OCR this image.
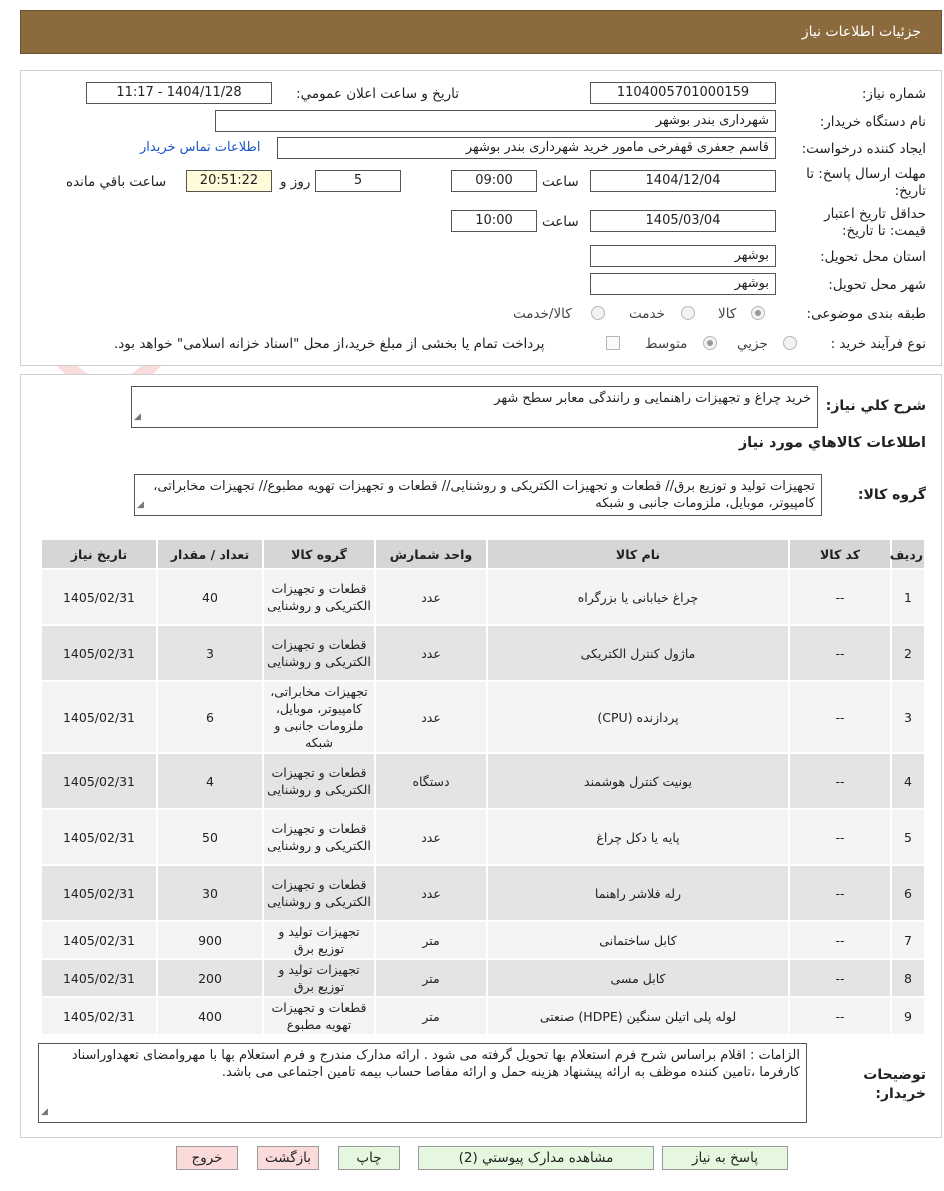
جزئیات اطلاعات نیاز
شماره نیاز:
1104005701000159
تاریخ و ساعت اعلان عمومي:
1404/11/28 - 11:17
نام دستگاه خريدار:
شهرداری بندر بوشهر
ايجاد کننده درخواست:
قاسم جعفری قهفرخی مامور خرید شهرداری بندر بوشهر
اطلاعات تماس خريدار
مهلت ارسال پاسخ: تا تاریخ:
1404/12/04
ساعت
09:00
5
روز و
20:51:22
ساعت باقي مانده
حداقل تاريخ اعتبار قيمت: تا تاريخ:
1405/03/04
ساعت
10:00
استان محل تحويل:
بوشهر
شهر محل تحويل:
بوشهر
طبقه بندی موضوعی:
کالا
خدمت
کالا/خدمت
نوع فرآيند خريد :
جزيي
متوسط
پرداخت تمام يا بخشی از مبلغ خريد،از محل "اسناد خزانه اسلامی" خواهد بود.
شرح کلي نياز:
خرید چراغ و تجهیزات راهنمایی و رانندگی معابر سطح شهر
◢
اطلاعات کالاهاي مورد نياز
گروه کالا:
تجهیزات تولید و توزیع برق// قطعات و تجهیزات الکتریکی و روشنایی// قطعات و تجهیزات تهویه مطبوع// تجهیزات مخابراتی، کامپیوتر، موبایل، ملزومات جانبی و شبکه
◢
رديف	کد کالا	نام کالا	واحد شمارش	گروه کالا	تعداد / مقدار	تاريخ نياز
1	--	چراغ خیابانی یا بزرگراه	عدد	قطعات و تجهیزات الکتریکی و روشنایی	40	1405/02/31
2	--	ماژول کنترل الکتریکی	عدد	قطعات و تجهیزات الکتریکی و روشنایی	3	1405/02/31
3	--	پردازنده (CPU)	عدد	تجهیزات مخابراتی، کامپیوتر، موبایل، ملزومات جانبی و شبکه	6	1405/02/31
4	--	یونیت کنترل هوشمند	دستگاه	قطعات و تجهیزات الکتریکی و روشنایی	4	1405/02/31
5	--	پایه یا دکل چراغ	عدد	قطعات و تجهیزات الکتریکی و روشنایی	50	1405/02/31
6	--	رله فلاشر راهنما	عدد	قطعات و تجهیزات الکتریکی و روشنایی	30	1405/02/31
7	--	کابل ساختمانی	متر	تجهیزات تولید و توزیع برق	900	1405/02/31
8	--	کابل مسی	متر	تجهیزات تولید و توزیع برق	200	1405/02/31
9	--	لوله پلی اتیلن سنگین (HDPE) صنعتی	متر	قطعات و تجهیزات تهویه مطبوع	400	1405/02/31
توضيحات خريدار:
الزامات : اقلام براساس شرح فرم استعلام بها تحویل گرفته می شود . ارائه مدارک مندرج و فرم استعلام بها با مهروامضای تعهداوراسناد کارفرما ،تامین کننده موظف به ارائه پیشنهاد هزینه حمل و ارائه مفاصا حساب بیمه تامین اجتماعی می باشد.
◢
پاسخ به نياز
مشاهده مدارک پيوستي (2)
چاپ
بازگشت
خروج
